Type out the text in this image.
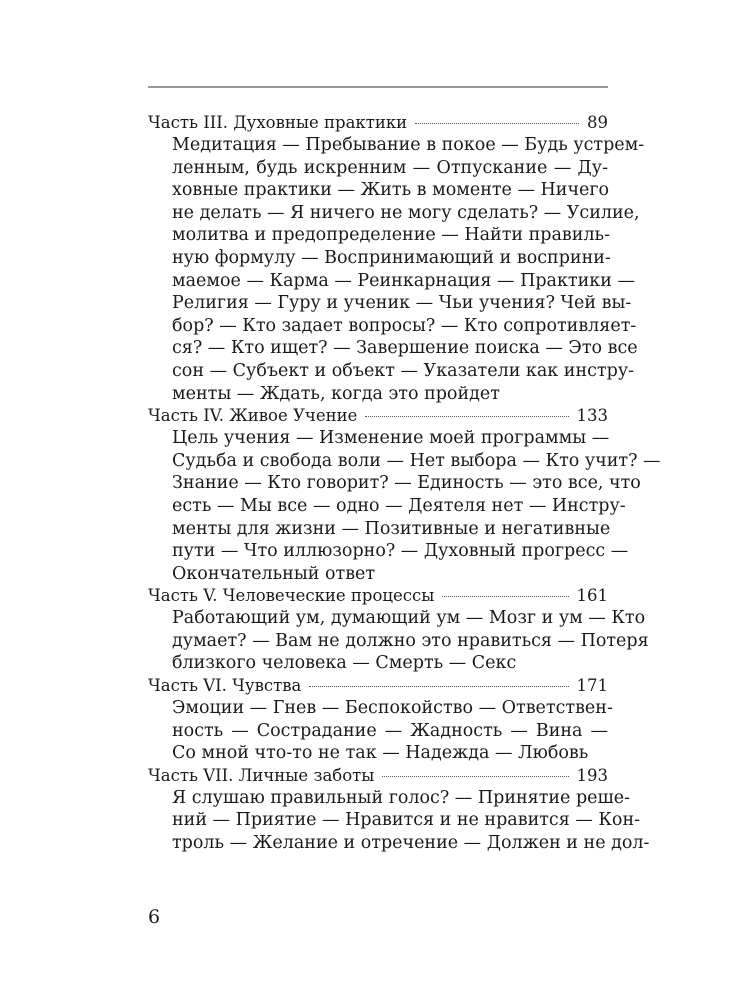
Часть III. Духовные практики	89
Медитация — Пребывание в покое — Будь устрем-
ленным, будь искренним — Отпускание — Ду-
ховные практики — Жить в моменте — Ничего
не делать — Я ничего не могу сделать? — Усилие,
молитва и предопределение — Найти правиль-
ную формулу — Воспринимающий и восприни-
маемое — Карма — Реинкарнация — Практики —
Религия — Гуру и ученик — Чьи учения? Чей вы-
бор? — Кто задает вопросы? — Кто сопротивляет-
ся? — Кто ищет? — Завершение поиска — Это все
сон — Субъект и объект — Указатели как инстру-
менты — Ждать, когда это пройдет
Часть IV. Живое Учение	133
Цель учения — Изменение моей программы —
Судьба и свобода воли — Нет выбора — Кто учит? —
Знание — Кто говорит? — Единость — это все, что
есть — Мы все — одно — Деятеля нет — Инстру-
менты для жизни — Позитивные и негативные
пути — Что иллюзорно? — Духовный прогресс —
Окончательный ответ
Часть V. Человеческие процессы	161
Работающий ум, думающий ум — Мозг и ум — Кто
думает? — Вам не должно это нравиться — Потеря
близкого человека — Смерть — Секс
Часть VI. Чувства	171
Эмоции — Гнев — Беспокойство — Ответствен-
ность — Сострадание — Жадность — Вина —
Со мной что-то не так — Надежда — Любовь
Часть VII. Личные заботы	193
Я слушаю правильный голос? — Принятие реше-
ний — Приятие — Нравится и не нравится — Кон-
троль — Желание и отречение — Должен и не дол-
6
